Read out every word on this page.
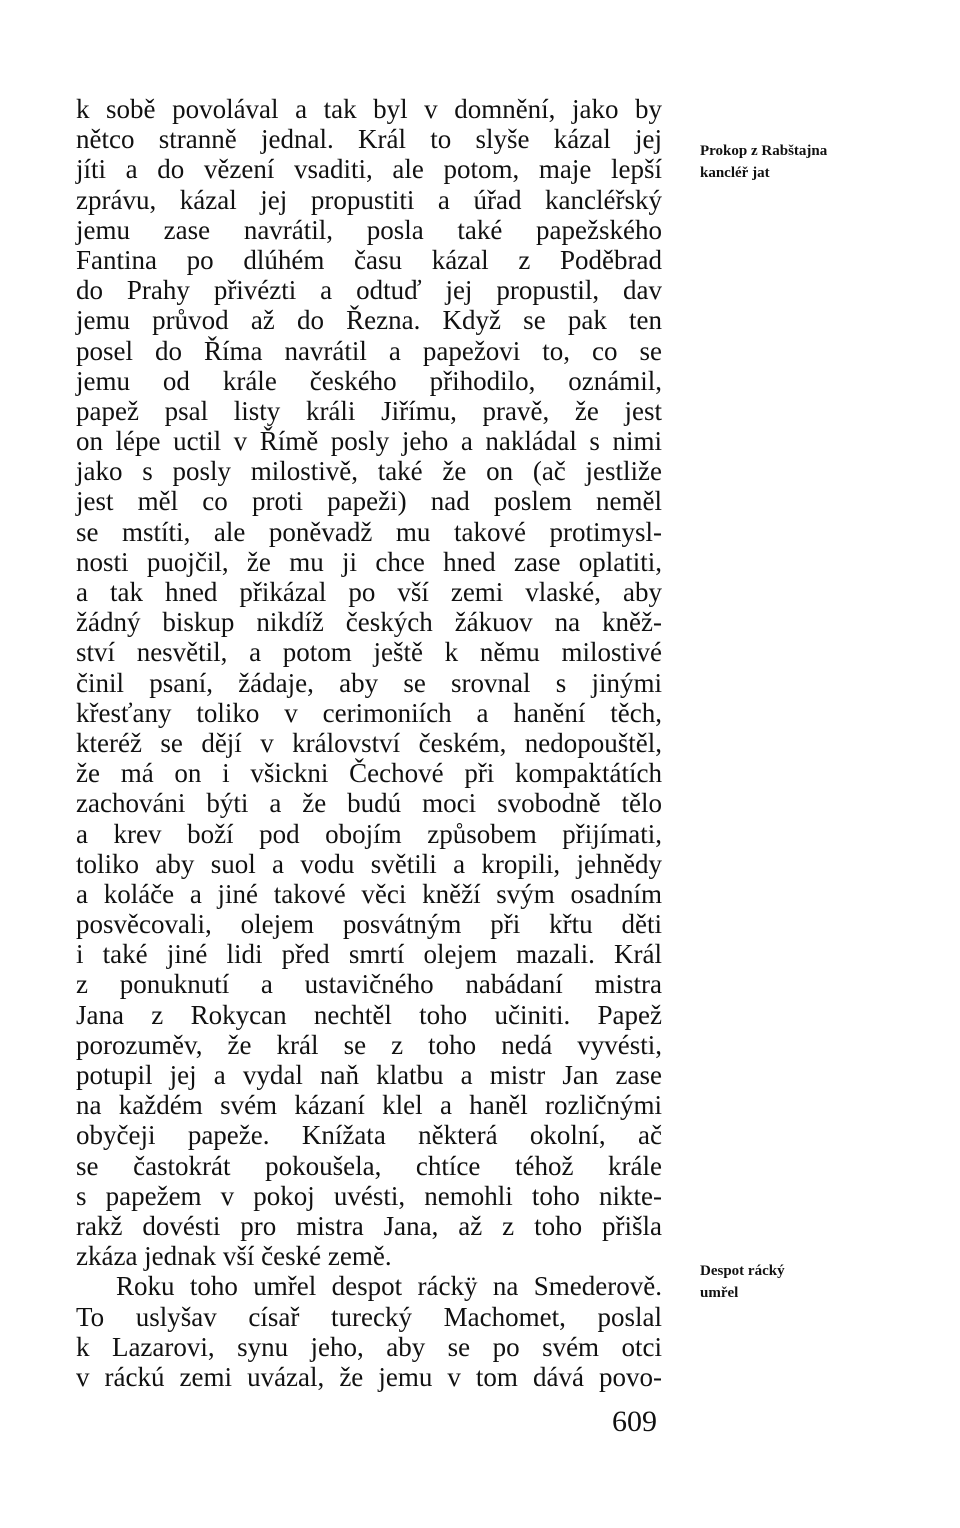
k sobě povolával a tak byl v domnění, jako by
nětco stranně jednal. Král to slyše kázal jej
jíti a do vězení vsaditi, ale potom, maje lepší
zprávu, kázal jej propustiti a úřad kancléřský
jemu zase navrátil, posla také papežského
Fantina po dlúhém času kázal z Poděbrad
do Prahy přivézti a odtuď jej propustil, dav
jemu průvod až do Řezna. Když se pak ten
posel do Říma navrátil a papežovi to, co se
jemu od krále českého přihodilo, oznámil,
papež psal listy králi Jiřímu, pravě, že jest
on lépe uctil v Římě posly jeho a nakládal s nimi
jako s posly milostivě, také že on (ač jestliže
jest měl co proti papeži) nad poslem neměl
se mstíti, ale poněvadž mu takové protimysl-
nosti puojčil, že mu ji chce hned zase oplatiti,
a tak hned přikázal po vší zemi vlaské, aby
žádný biskup nikdíž českých žákuov na kněž-
ství nesvětil, a potom ještě k němu milostivé
činil psaní, žádaje, aby se srovnal s jinými
křesťany toliko v cerimoniích a hanění těch,
kteréž se dějí v království českém, nedopouštěl,
že má on i všickni Čechové při kompaktátích
zachováni býti a že budú moci svobodně tělo
a krev boží pod obojím způsobem přijímati,
toliko aby suol a vodu světili a kropili, jehnědy
a koláče a jiné takové věci kněží svým osadním
posvěcovali, olejem posvátným při křtu děti
i také jiné lidi před smrtí olejem mazali. Král
z ponuknutí a ustavičného nabádaní mistra
Jana z Rokycan nechtěl toho učiniti. Papež
porozuměv, že král se z toho nedá vyvésti,
potupil jej a vydal naň klatbu a mistr Jan zase
na každém svém kázaní klel a haněl rozličnými
obyčeji papeže. Knížata některá okolní, ač
se častokrát pokoušela, chtíce téhož krále
s papežem v pokoj uvésti, nemohli toho nikte-
rakž dovésti pro mistra Jana, až z toho přišla
zkáza jednak vší české země.
Roku toho umřel despot ráckÿ na Smederově.
To uslyšav císař turecký Machomet, poslal
k Lazarovi, synu jeho, aby se po svém otci
v ráckú zemi uvázal, že jemu v tom dává povo-
Prokop z Rabštajna
kancléř jat
Despot rácký
umřel
609
